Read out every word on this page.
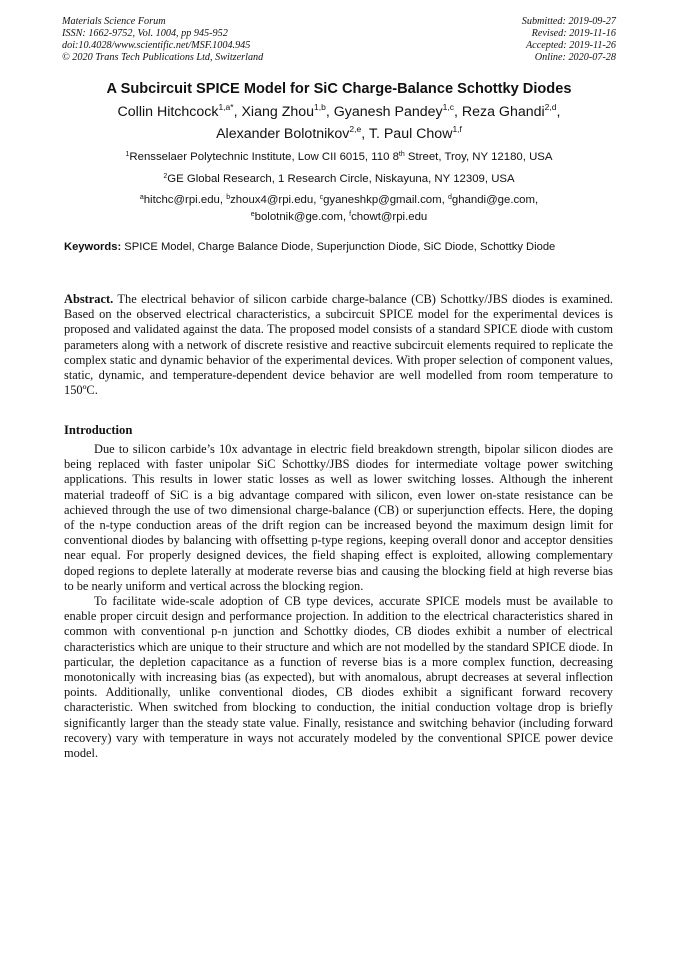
Materials Science Forum
ISSN: 1662-9752, Vol. 1004, pp 945-952
doi:10.4028/www.scientific.net/MSF.1004.945
© 2020 Trans Tech Publications Ltd, Switzerland
Submitted: 2019-09-27
Revised: 2019-11-16
Accepted: 2019-11-26
Online: 2020-07-28
A Subcircuit SPICE Model for SiC Charge-Balance Schottky Diodes
Collin Hitchcock$^{1,a*}$, Xiang Zhou$^{1,b}$, Gyanesh Pandey$^{1,c}$, Reza Ghandi$^{2,d}$,
Alexander Bolotnikov$^{2,e}$, T. Paul Chow$^{1,f}$
$^1$Rensselaer Polytechnic Institute, Low CII 6015, 110 8th Street, Troy, NY 12180, USA
$^2$GE Global Research, 1 Research Circle, Niskayuna, NY 12309, USA
$^a$hitchc@rpi.edu, $^b$zhoux4@rpi.edu, $^c$gyaneshkp@gmail.com, $^d$ghandi@ge.com,
$^e$bolotnik@ge.com, $^f$chowt@rpi.edu
Keywords: SPICE Model, Charge Balance Diode, Superjunction Diode, SiC Diode, Schottky Diode
Abstract. The electrical behavior of silicon carbide charge-balance (CB) Schottky/JBS diodes is examined. Based on the observed electrical characteristics, a subcircuit SPICE model for the experimental devices is proposed and validated against the data. The proposed model consists of a standard SPICE diode with custom parameters along with a network of discrete resistive and reactive subcircuit elements required to replicate the complex static and dynamic behavior of the experimental devices. With proper selection of component values, static, dynamic, and temperature-dependent device behavior are well modelled from room temperature to 150ºC.
Introduction

Due to silicon carbide’s 10x advantage in electric field breakdown strength, bipolar silicon diodes are being replaced with faster unipolar SiC Schottky/JBS diodes for intermediate voltage power switching applications. This results in lower static losses as well as lower switching losses. Although the inherent material tradeoff of SiC is a big advantage compared with silicon, even lower on-state resistance can be achieved through the use of two dimensional charge-balance (CB) or superjunction effects. Here, the doping of the n-type conduction areas of the drift region can be increased beyond the maximum design limit for conventional diodes by balancing with offsetting p-type regions, keeping overall donor and acceptor densities near equal. For properly designed devices, the field shaping effect is exploited, allowing complementary doped regions to deplete laterally at moderate reverse bias and causing the blocking field at high reverse bias to be nearly uniform and vertical across the blocking region.

To facilitate wide-scale adoption of CB type devices, accurate SPICE models must be available to enable proper circuit design and performance projection. In addition to the electrical characteristics shared in common with conventional p-n junction and Schottky diodes, CB diodes exhibit a number of electrical characteristics which are unique to their structure and which are not modelled by the standard SPICE diode. In particular, the depletion capacitance as a function of reverse bias is a more complex function, decreasing monotonically with increasing bias (as expected), but with anomalous, abrupt decreases at several inflection points. Additionally, unlike conventional diodes, CB diodes exhibit a significant forward recovery characteristic. When switched from blocking to conduction, the initial conduction voltage drop is briefly significantly larger than the steady state value. Finally, resistance and switching behavior (including forward recovery) vary with temperature in ways not accurately modeled by the conventional SPICE power device model.
